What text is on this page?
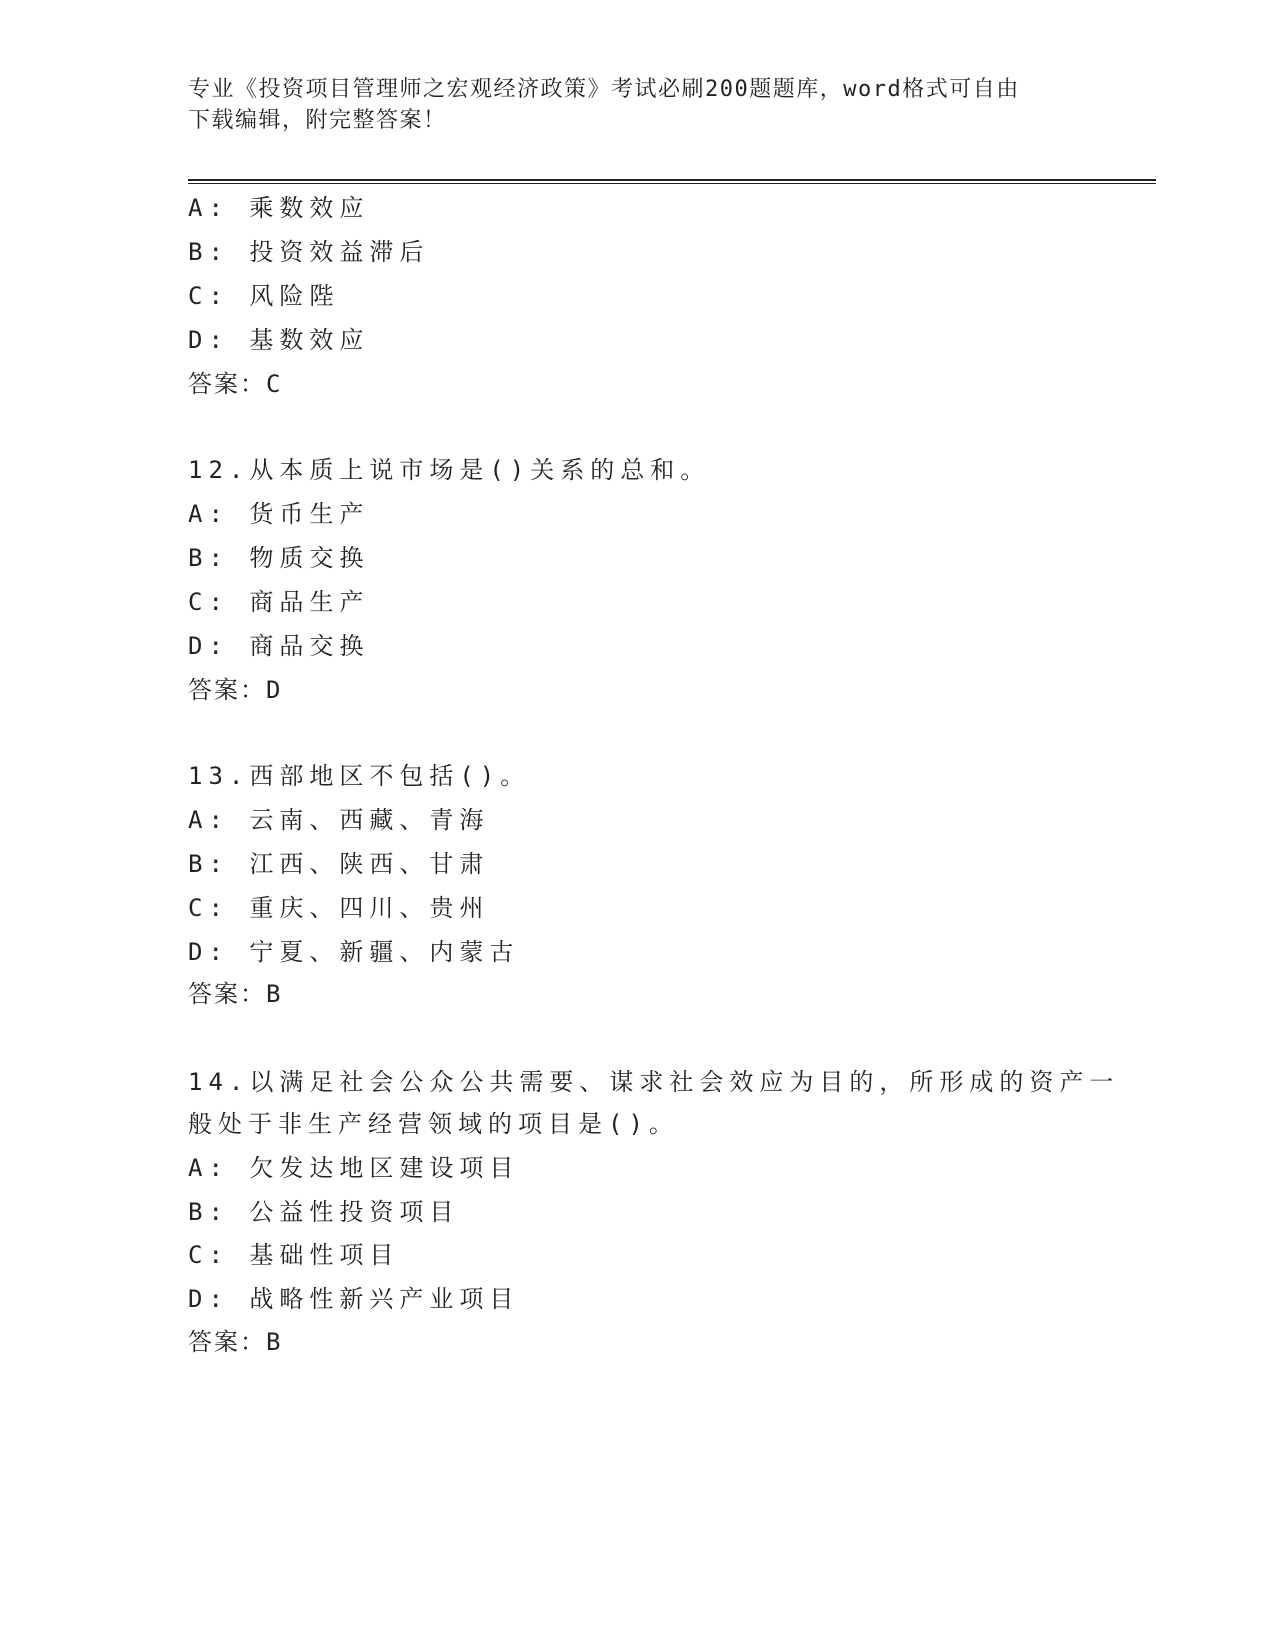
专业《投资项目管理师之宏观经济政策》考试必刷200题题库，word格式可自由
下载编辑，附完整答案！
A: 乘数效应
B: 投资效益滞后
C: 风险陛
D: 基数效应
答案：C
12.从本质上说市场是()关系的总和。
A: 货币生产
B: 物质交换
C: 商品生产
D: 商品交换
答案：D
13.西部地区不包括()。
A: 云南、西藏、青海
B: 江西、陕西、甘肃
C: 重庆、四川、贵州
D: 宁夏、新疆、内蒙古
答案：B
14.以满足社会公众公共需要、谋求社会效应为目的，所形成的资产一
般处于非生产经营领域的项目是()。
A: 欠发达地区建设项目
B: 公益性投资项目
C: 基础性项目
D: 战略性新兴产业项目
答案：B
